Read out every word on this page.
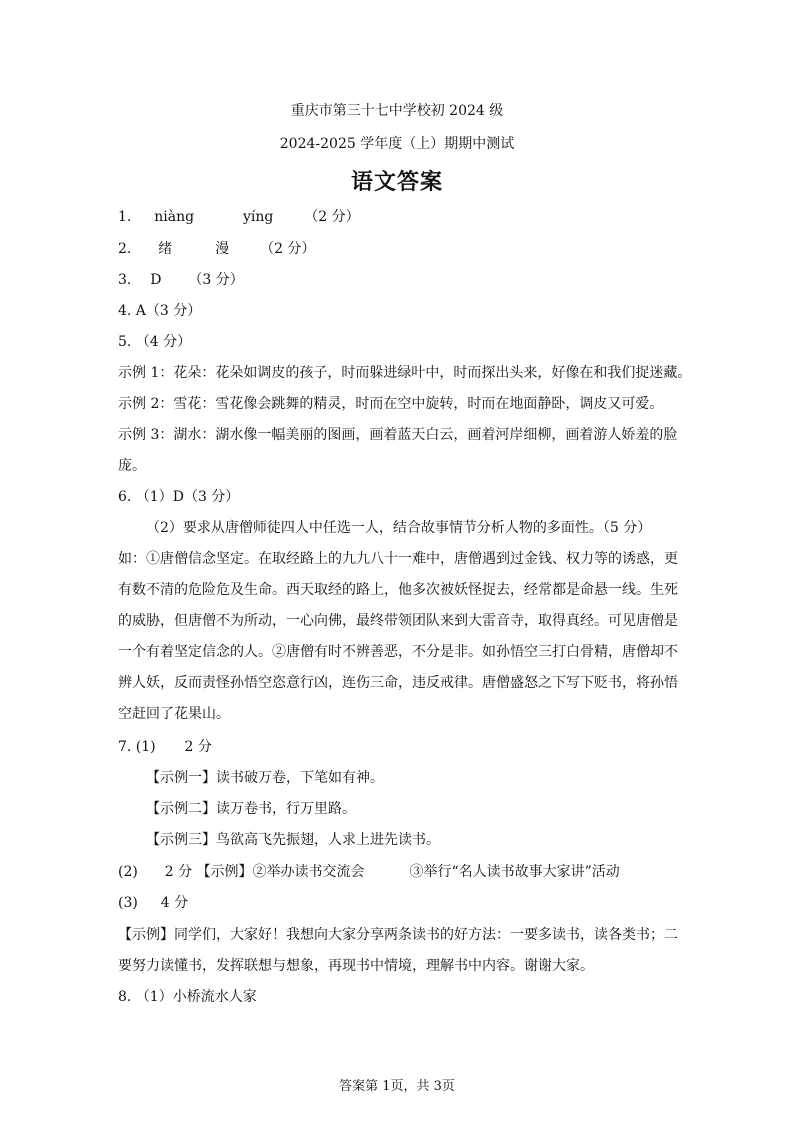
重庆市第三十七中学校初 2024 级
2024-2025 学年度（上）期期中测试
语文答案
1. niàng	yíng （2 分）
2. 绪	漫 （2 分）
3. D （3 分）
4. A（3 分）
5. （4 分）
示例 1：花朵：花朵如调皮的孩子，时而躲进绿叶中，时而探出头来，好像在和我们捉迷藏。
示例 2：雪花：雪花像会跳舞的精灵，时而在空中旋转，时而在地面静卧，调皮又可爱。
示例 3：湖水：湖水像一幅美丽的图画，画着蓝天白云，画着河岸细柳，画着游人娇羞的脸
庞。
6. （1）D（3 分）
（2）要求从唐僧师徒四人中任选一人，结合故事情节分析人物的多面性。（5 分）
如：①唐僧信念坚定。在取经路上的九九八十一难中，唐僧遇到过金钱、权力等的诱惑，更
有数不清的危险危及生命。西天取经的路上，他多次被妖怪捉去，经常都是命悬一线。生死
的威胁，但唐僧不为所动，一心向佛，最终带领团队来到大雷音寺，取得真经。可见唐僧是
一个有着坚定信念的人。②唐僧有时不辨善恶，不分是非。如孙悟空三打白骨精，唐僧却不
辨人妖，反而责怪孙悟空恣意行凶，连伤三命，违反戒律。唐僧盛怒之下写下贬书，将孙悟
空赶回了花果山。
7. (1) 2 分
【示例一】读书破万卷，下笔如有神。
【示例二】读万卷书，行万里路。
【示例三】鸟欲高飞先振翅，人求上进先读书。
(2) 2 分 【示例】②举办读书交流会	③举行“名人读书故事大家讲”活动
(3) 4 分
【示例】同学们，大家好！我想向大家分享两条读书的好方法：一要多读书，读各类书；二
要努力读懂书，发挥联想与想象，再现书中情境，理解书中内容。谢谢大家。
8. （1）小桥流水人家
答案第 1页，共 3页
